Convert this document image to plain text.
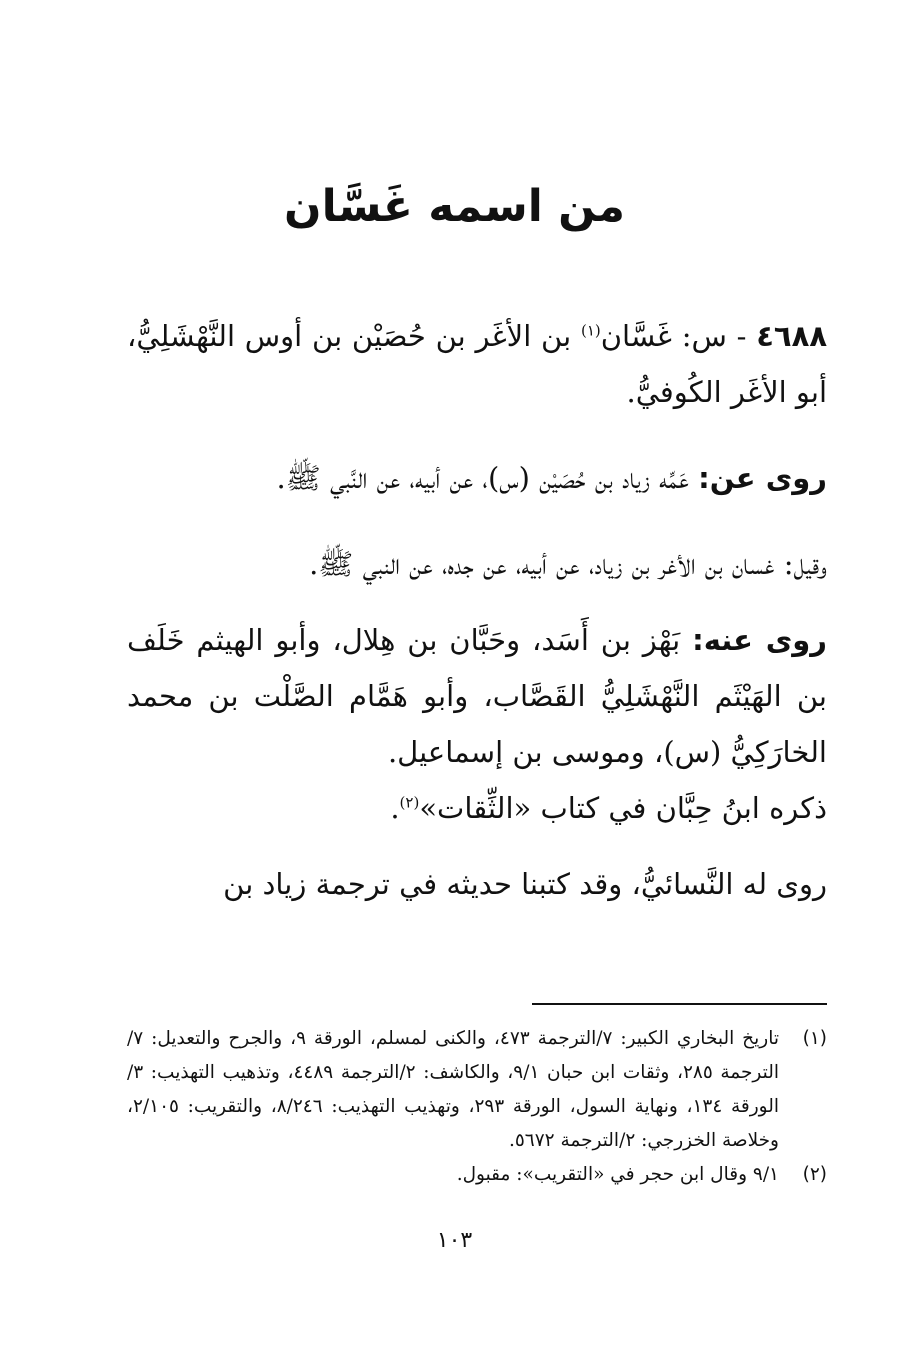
من اسمه غَسَّان

٤٦٨٨ - س: غَسَّان$^{(١)}$ بن الأغَر بن حُصَيْن بن أوس النَّهْشَلِيُّ، أبو الأغَر الكُوفيُّ.

روى عن: عَمِّه زياد بن حُصَيْن (س)، عن أبيه، عن النَّبي ﷺ.

وقيل: غسان بن الأغر بن زياد، عن أبيه، عن جده، عن النبي ﷺ.

روى عنه: بَهْز بن أَسَد، وحَبَّان بن هِلال، وأبو الهيثم خَلَف بن الهَيْثَم النَّهْشَلِيُّ القَصَّاب، وأبو هَمَّام الصَّلْت بن محمد الخارَكِيُّ (س)، وموسى بن إسماعيل.

ذكره ابنُ حِبَّان في كتاب «الثِّقات»$^{(٢)}$.

روى له النَّسائيُّ، وقد كتبنا حديثه في ترجمة زياد بن

(١)
تاريخ البخاري الكبير: ٧/الترجمة ٤٧٣، والكنى لمسلم، الورقة ٩، والجرح والتعديل: ٧/الترجمة ٢٨٥، وثقات ابن حبان ٩/١، والكاشف: ٢/الترجمة ٤٤٨٩، وتذهيب التهذيب: ٣/الورقة ١٣٤، ونهاية السول، الورقة ٢٩٣، وتهذيب التهذيب: ٨/٢٤٦، والتقريب: ٢/١٠٥، وخلاصة الخزرجي: ٢/الترجمة ٥٦٧٢.

(٢)
٩/١ وقال ابن حجر في «التقريب»: مقبول.

١٠٣
